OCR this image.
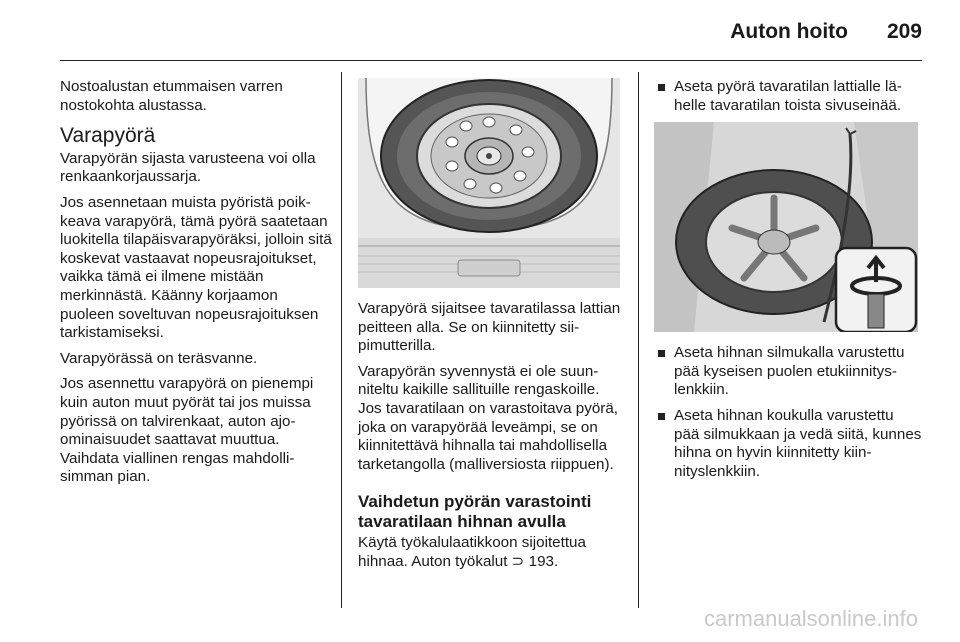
Auton hoito 209

Nostoalustan etummaisen varren nostokohta alustassa.

Varapyörä

Varapyörän sijasta varusteena voi olla renkaankorjaussarja.

Jos asennetaan muista pyöristä poikkeava varapyörä, tämä pyörä saatetaan luokitella tilapäisvarapyöräksi, jolloin sitä koskevat vastaavat nopeusrajoitukset, vaikka tämä ei ilmene mistään merkinnästä. Käänny korjaamon puoleen soveltuvan nopeusrajoituksen tarkistamiseksi.

Varapyörässä on teräsvanne.

Jos asennettu varapyörä on pienempi kuin auton muut pyörät tai jos muissa pyörissä on talvirenkaat, auton ajo-ominaisuudet saattavat muuttua. Vaihdata viallinen rengas mahdollisimman pian.

Varapyörä sijaitsee tavaratilassa lattian peitteen alla. Se on kiinnitetty siipimutterilla.

Varapyörän syvennystä ei ole suunniteltu kaikille sallituille rengaskoille. Jos tavaratilaan on varastoitava pyörä, joka on varapyörää leveämpi, se on kiinnitettävä hihnalla tai mahdollisella tarketangolla (malliversiosta riippuen).

Vaihdetun pyörän varastointi tavaratilaan hihnan avulla

Käytä työkalulaatikkoon sijoitettua hihnaa. Auton työkalut ⊃ 193.

Aseta pyörä tavaratilan lattialle lähelle tavaratilan toista sivuseinää.
Aseta hihnan silmukalla varustettu pää kyseisen puolen etukiinnityslenkkiin.
Aseta hihnan koukulla varustettu pää silmukkaan ja vedä siitä, kunnes hihna on hyvin kiinnitetty kiinnityslenkkiin.
carmanualsonline.info
